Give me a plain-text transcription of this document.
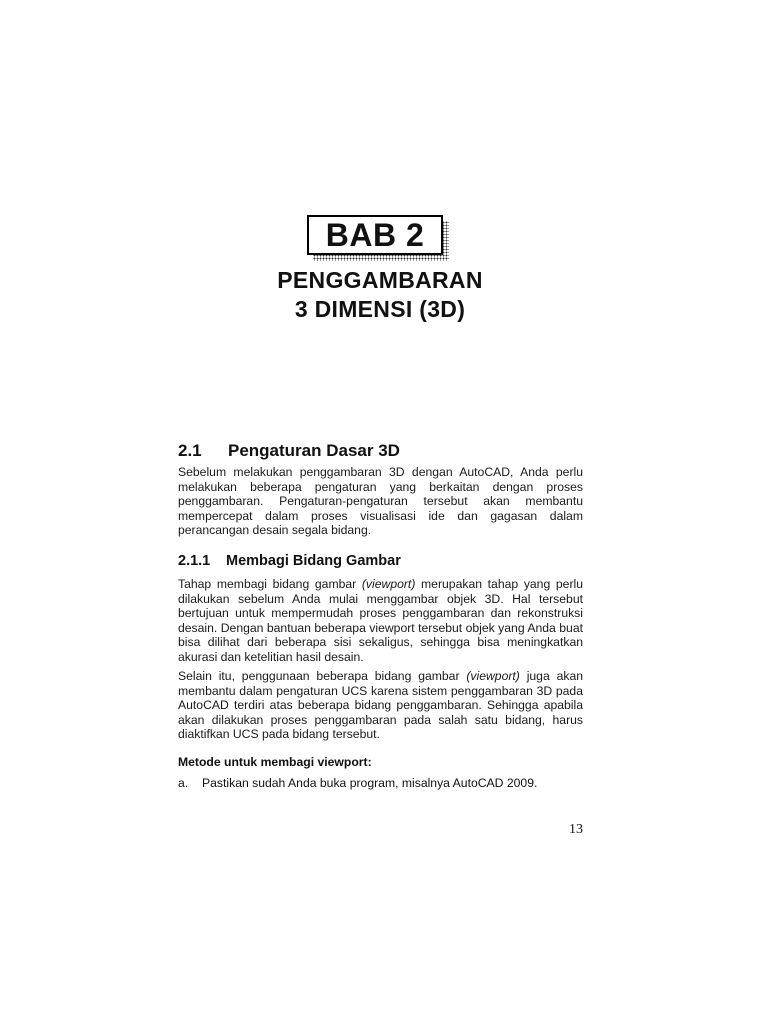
BAB 2
PENGGAMBARAN
3 DIMENSI (3D)
2.1 Pengaturan Dasar 3D
Sebelum melakukan penggambaran 3D dengan AutoCAD, Anda perlu melakukan beberapa pengaturan yang berkaitan dengan proses penggambaran. Pengaturan-pengaturan tersebut akan membantu mempercepat dalam proses visualisasi ide dan gagasan dalam perancangan desain segala bidang.
2.1.1 Membagi Bidang Gambar
Tahap membagi bidang gambar (viewport) merupakan tahap yang perlu dilakukan sebelum Anda mulai menggambar objek 3D. Hal tersebut bertujuan untuk mempermudah proses penggambaran dan rekonstruksi desain. Dengan bantuan beberapa viewport tersebut objek yang Anda buat bisa dilihat dari beberapa sisi sekaligus, sehingga bisa meningkatkan akurasi dan ketelitian hasil desain.
Selain itu, penggunaan beberapa bidang gambar (viewport) juga akan membantu dalam pengaturan UCS karena sistem penggambaran 3D pada AutoCAD terdiri atas beberapa bidang penggambaran. Sehingga apabila akan dilakukan proses penggambaran pada salah satu bidang, harus diaktifkan UCS pada bidang tersebut.
Metode untuk membagi viewport:
a. Pastikan sudah Anda buka program, misalnya AutoCAD 2009.
13
